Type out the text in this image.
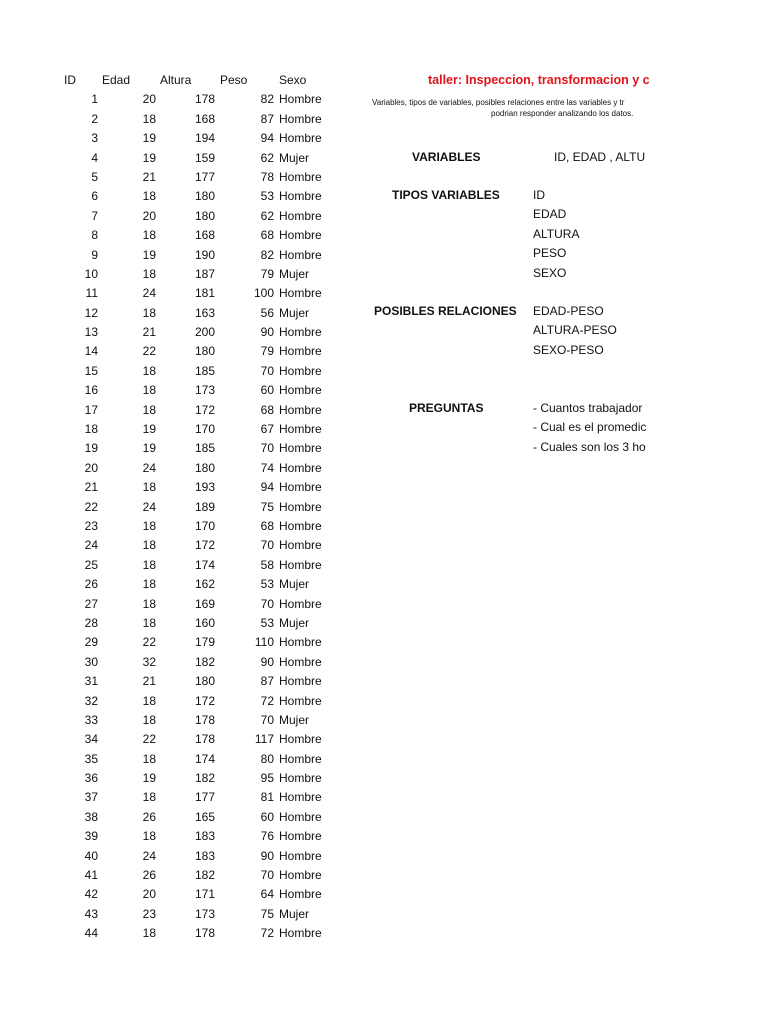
ID Edad Altura Peso	Sexo
1	20	178	82 Hombre
2	18	168	87 Hombre
3	19	194	94 Hombre
4	19	159	62 Mujer
5	21	177	78 Hombre
6	18	180	53 Hombre
7	20	180	62 Hombre
8	18	168	68 Hombre
9	19	190	82 Hombre
10	18	187	79 Mujer
11	24	181	100 Hombre
12	18	163	56 Mujer
13	21	200	90 Hombre
14	22	180	79 Hombre
15	18	185	70 Hombre
16	18	173	60 Hombre
17	18	172	68 Hombre
18	19	170	67 Hombre
19	19	185	70 Hombre
20	24	180	74 Hombre
21	18	193	94 Hombre
22	24	189	75 Hombre
23	18	170	68 Hombre
24	18	172	70 Hombre
25	18	174	58 Hombre
26	18	162	53 Mujer
27	18	169	70 Hombre
28	18	160	53 Mujer
29	22	179	110 Hombre
30	32	182	90 Hombre
31	21	180	87 Hombre
32	18	172	72 Hombre
33	18	178	70 Mujer
34	22	178	117 Hombre
35	18	174	80 Hombre
36	19	182	95 Hombre
37	18	177	81 Hombre
38	26	165	60 Hombre
39	18	183	76 Hombre
40	24	183	90 Hombre
41	26	182	70 Hombre
42	20	171	64 Hombre
43	23	173	75 Mujer
44	18	178	72 Hombre
taller: Inspeccion, transformacion y c
Variables, tipos de variables, posibles relaciones entre las variables y tr
podrian responder analizando los datos.
VARIABLES	ID, EDAD , ALTU
TIPOS VARIABLES	ID
EDAD
ALTURA
PESO
SEXO
POSIBLES RELACIONES EDAD-PESO
ALTURA-PESO
SEXO-PESO
PREGUNTAS	- Cuantos trabajador
- Cual es el promedic
- Cuales son los 3 ho
